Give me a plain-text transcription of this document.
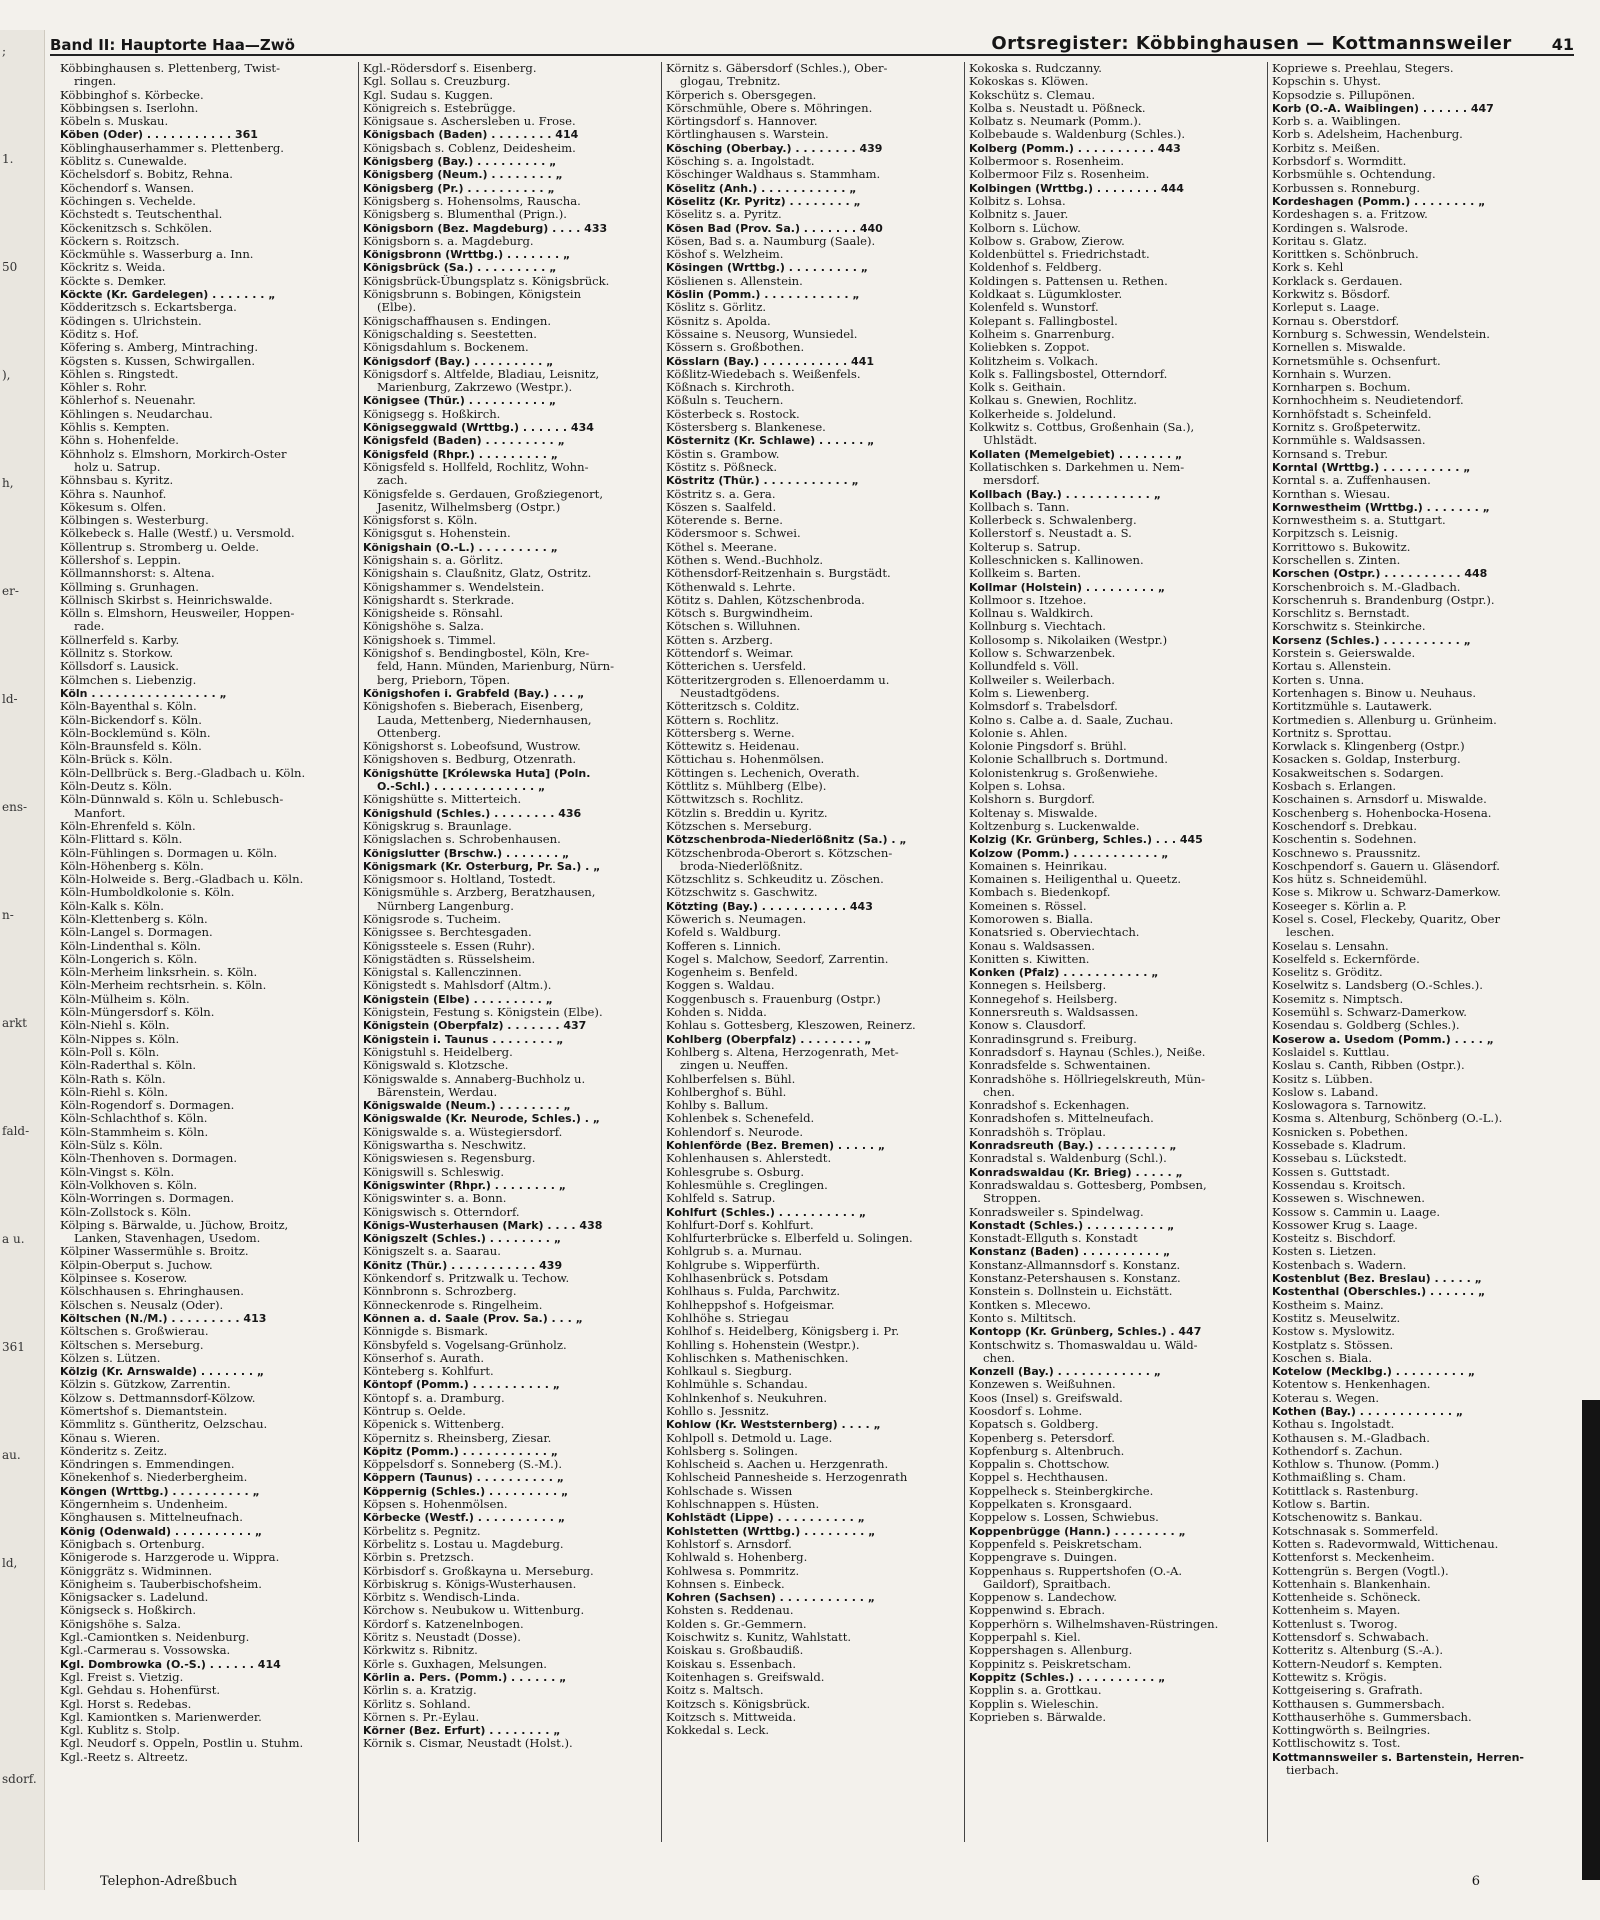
;
1.
50
),
h,
er-
ld-
ens-
n-
arkt
fald-
a u.
361
au.
ld,
sdorf.
Band II: Hauptorte Haa—Zwö	Ortsregister: Köbbinghausen — Kottmannsweiler	41
Köbbinghausen s. Plettenberg, Twist-
ringen.
Köbbinghof s. Körbecke.
Köbbingsen s. Iserlohn.
Köbeln s. Muskau.
Köben (Oder) . . . . . . . . . . . 361
Köblinghauserhammer s. Plettenberg.
Köblitz s. Cunewalde.
Köchelsdorf s. Bobitz, Rehna.
Köchendorf s. Wansen.
Köchingen s. Vechelde.
Köchstedt s. Teutschenthal.
Köckenitzsch s. Schkölen.
Köckern s. Roitzsch.
Köckmühle s. Wasserburg a. Inn.
Köckritz s. Weida.
Köckte s. Demker.
Köckte (Kr. Gardelegen) . . . . . . . „
Ködderitzsch s. Eckartsberga.
Ködingen s. Ulrichstein.
Köditz s. Hof.
Köfering s. Amberg, Mintraching.
Kögsten s. Kussen, Schwirgallen.
Köhlen s. Ringstedt.
Köhler s. Rohr.
Köhlerhof s. Neuenahr.
Köhlingen s. Neudarchau.
Köhlis s. Kempten.
Köhn s. Hohenfelde.
Köhnholz s. Elmshorn, Morkirch-Oster
holz u. Satrup.
Köhnsbau s. Kyritz.
Köhra s. Naunhof.
Kökesum s. Olfen.
Kölbingen s. Westerburg.
Kölkebeck s. Halle (Westf.) u. Versmold.
Köllentrup s. Stromberg u. Oelde.
Köllershof s. Leppin.
Köllmannshorst: s. Altena.
Köllming s. Grunhagen.
Köllnisch Skirbst s. Heinrichswalde.
Kölln s. Elmshorn, Heusweiler, Hoppen-
rade.
Köllnerfeld s. Karby.
Köllnitz s. Storkow.
Köllsdorf s. Lausick.
Kölmchen s. Liebenzig.
Köln . . . . . . . . . . . . . . . . „
Köln-Bayenthal s. Köln.
Köln-Bickendorf s. Köln.
Köln-Bocklemünd s. Köln.
Köln-Braunsfeld s. Köln.
Köln-Brück s. Köln.
Köln-Dellbrück s. Berg.-Gladbach u. Köln.
Köln-Deutz s. Köln.
Köln-Dünnwald s. Köln u. Schlebusch-
Manfort.
Köln-Ehrenfeld s. Köln.
Köln-Flittard s. Köln.
Köln-Fühlingen s. Dormagen u. Köln.
Köln-Höhenberg s. Köln.
Köln-Holweide s. Berg.-Gladbach u. Köln.
Köln-Humboldkolonie s. Köln.
Köln-Kalk s. Köln.
Köln-Klettenberg s. Köln.
Köln-Langel s. Dormagen.
Köln-Lindenthal s. Köln.
Köln-Longerich s. Köln.
Köln-Merheim linksrhein. s. Köln.
Köln-Merheim rechtsrhein. s. Köln.
Köln-Mülheim s. Köln.
Köln-Müngersdorf s. Köln.
Köln-Niehl s. Köln.
Köln-Nippes s. Köln.
Köln-Poll s. Köln.
Köln-Raderthal s. Köln.
Köln-Rath s. Köln.
Köln-Riehl s. Köln.
Köln-Rogendorf s. Dormagen.
Köln-Schlachthof s. Köln.
Köln-Stammheim s. Köln.
Köln-Sülz s. Köln.
Köln-Thenhoven s. Dormagen.
Köln-Vingst s. Köln.
Köln-Volkhoven s. Köln.
Köln-Worringen s. Dormagen.
Köln-Zollstock s. Köln.
Kölping s. Bärwalde, u. Jüchow, Broitz,
Lanken, Stavenhagen, Usedom.
Kölpiner Wassermühle s. Broitz.
Kölpin-Oberput s. Juchow.
Kölpinsee s. Koserow.
Kölschhausen s. Ehringhausen.
Kölschen s. Neusalz (Oder).
Költschen (N./M.) . . . . . . . . . 413
Költschen s. Großwierau.
Költschen s. Merseburg.
Kölzen s. Lützen.
Kölzig (Kr. Arnswalde) . . . . . . . „
Kölzin s. Gützkow, Zarrentin.
Kölzow s. Dettmannsdorf-Kölzow.
Kömertshof s. Diemantstein.
Kömmlitz s. Güntheritz, Oelzschau.
Könau s. Wieren.
Könderitz s. Zeitz.
Köndringen s. Emmendingen.
Könekenhof s. Niederbergheim.
Köngen (Wrttbg.) . . . . . . . . . . „
Köngernheim s. Undenheim.
Könghausen s. Mittelneufnach.
König (Odenwald) . . . . . . . . . . „
Königbach s. Ortenburg.
Königerode s. Harzgerode u. Wippra.
Königgrätz s. Widminnen.
Königheim s. Tauberbischofsheim.
Königsacker s. Ladelund.
Königseck s. Hoßkirch.
Königshöhe s. Salza.
Kgl.-Camiontken s. Neidenburg.
Kgl.-Carmerau s. Vossowska.
Kgl. Dombrowka (O.-S.) . . . . . . 414
Kgl. Freist s. Vietzig.
Kgl. Gehdau s. Hohenfürst.
Kgl. Horst s. Redebas.
Kgl. Kamiontken s. Marienwerder.
Kgl. Kublitz s. Stolp.
Kgl. Neudorf s. Oppeln, Postlin u. Stuhm.
Kgl.-Reetz s. Altreetz.
Kgl.-Rödersdorf s. Eisenberg.
Kgl. Sollau s. Creuzburg.
Kgl. Sudau s. Kuggen.
Königreich s. Estebrügge.
Königsaue s. Aschersleben u. Frose.
Königsbach (Baden) . . . . . . . . 414
Königsbach s. Coblenz, Deidesheim.
Königsberg (Bay.) . . . . . . . . . „
Königsberg (Neum.) . . . . . . . . „
Königsberg (Pr.) . . . . . . . . . . „
Königsberg s. Hohensolms, Rauscha.
Königsberg s. Blumenthal (Prign.).
Königsborn (Bez. Magdeburg) . . . . 433
Königsborn s. a. Magdeburg.
Königsbronn (Wrttbg.) . . . . . . . „
Königsbrück (Sa.) . . . . . . . . . „
Königsbrück-Übungsplatz s. Königsbrück.
Königsbrunn s. Bobingen, Königstein
(Elbe).
Königschaffhausen s. Endingen.
Königschalding s. Seestetten.
Königsdahlum s. Bockenem.
Königsdorf (Bay.) . . . . . . . . . „
Königsdorf s. Altfelde, Bladiau, Leisnitz,
Marienburg, Zakrzewo (Westpr.).
Königsee (Thür.) . . . . . . . . . . „
Königsegg s. Hoßkirch.
Königseggwald (Wrttbg.) . . . . . . 434
Königsfeld (Baden) . . . . . . . . . „
Königsfeld (Rhpr.) . . . . . . . . . „
Königsfeld s. Hollfeld, Rochlitz, Wohn-
zach.
Königsfelde s. Gerdauen, Großziegenort,
Jasenitz, Wilhelmsberg (Ostpr.)
Königsforst s. Köln.
Königsgut s. Hohenstein.
Königshain (O.-L.) . . . . . . . . . „
Königshain s. a. Görlitz.
Königshain s. Claußnitz, Glatz, Ostritz.
Königshammer s. Wendelstein.
Königshardt s. Sterkrade.
Königsheide s. Rönsahl.
Königshöhe s. Salza.
Königshoek s. Timmel.
Königshof s. Bendingbostel, Köln, Kre-
feld, Hann. Münden, Marienburg, Nürn-
berg, Prieborn, Töpen.
Königshofen i. Grabfeld (Bay.) . . . „
Königshofen s. Bieberach, Eisenberg,
Lauda, Mettenberg, Niedernhausen,
Ottenberg.
Königshorst s. Lobeofsund, Wustrow.
Königshoven s. Bedburg, Otzenrath.
Königshütte [Królewska Huta] (Poln.
O.-Schl.) . . . . . . . . . . . . . „
Königshütte s. Mitterteich.
Königshuld (Schles.) . . . . . . . . 436
Königskrug s. Braunlage.
Königslachen s. Schrobenhausen.
Königslutter (Brschw.) . . . . . . . „
Königsmark (Kr. Osterburg, Pr. Sa.) . „
Königsmoor s. Holtland, Tostedt.
Königsmühle s. Arzberg, Beratzhausen,
Nürnberg Langenburg.
Königsrode s. Tucheim.
Königssee s. Berchtesgaden.
Königssteele s. Essen (Ruhr).
Königstädten s. Rüsselsheim.
Königstal s. Kallenczinnen.
Königstedt s. Mahlsdorf (Altm.).
Königstein (Elbe) . . . . . . . . . „
Königstein, Festung s. Königstein (Elbe).
Königstein (Oberpfalz) . . . . . . . 437
Königstein i. Taunus . . . . . . . . „
Königstuhl s. Heidelberg.
Königswald s. Klotzsche.
Königswalde s. Annaberg-Buchholz u.
Bärenstein, Werdau.
Königswalde (Neum.) . . . . . . . . „
Königswalde (Kr. Neurode, Schles.) . „
Königswalde s. a. Wüstegiersdorf.
Königswartha s. Neschwitz.
Königswiesen s. Regensburg.
Königswill s. Schleswig.
Königswinter (Rhpr.) . . . . . . . . „
Königswinter s. a. Bonn.
Königswisch s. Otterndorf.
Königs-Wusterhausen (Mark) . . . . 438
Königszelt (Schles.) . . . . . . . . „
Königszelt s. a. Saarau.
Könitz (Thür.) . . . . . . . . . . . 439
Könkendorf s. Pritzwalk u. Techow.
Könnbronn s. Schrozberg.
Könneckenrode s. Ringelheim.
Können a. d. Saale (Prov. Sa.) . . . „
Könnigde s. Bismark.
Könsbyfeld s. Vogelsang-Grünholz.
Könserhof s. Aurath.
Könteberg s. Kohlfurt.
Köntopf (Pomm.) . . . . . . . . . . „
Köntopf s. a. Dramburg.
Köntrup s. Oelde.
Köpenick s. Wittenberg.
Köpernitz s. Rheinsberg, Ziesar.
Köpitz (Pomm.) . . . . . . . . . . . „
Köppelsdorf s. Sonneberg (S.-M.).
Köppern (Taunus) . . . . . . . . . . „
Köppernig (Schles.) . . . . . . . . . „
Köpsen s. Hohenmölsen.
Körbecke (Westf.) . . . . . . . . . . „
Körbelitz s. Pegnitz.
Körbelitz s. Lostau u. Magdeburg.
Körbin s. Pretzsch.
Körbisdorf s. Großkayna u. Merseburg.
Körbiskrug s. Königs-Wusterhausen.
Körbitz s. Wendisch-Linda.
Körchow s. Neubukow u. Wittenburg.
Kördorf s. Katzenelnbogen.
Köritz s. Neustadt (Dosse).
Körkwitz s. Ribnitz.
Körle s. Guxhagen, Melsungen.
Körlin a. Pers. (Pomm.) . . . . . . „
Körlin s. a. Kratzig.
Körlitz s. Sohland.
Körnen s. Pr.-Eylau.
Körner (Bez. Erfurt) . . . . . . . . „
Körnik s. Cismar, Neustadt (Holst.).
Körnitz s. Gäbersdorf (Schles.), Ober-
glogau, Trebnitz.
Körperich s. Obersgegen.
Körschmühle, Obere s. Möhringen.
Körtingsdorf s. Hannover.
Körtlinghausen s. Warstein.
Kösching (Oberbay.) . . . . . . . . 439
Kösching s. a. Ingolstadt.
Köschinger Waldhaus s. Stammham.
Köselitz (Anh.) . . . . . . . . . . . „
Köselitz (Kr. Pyritz) . . . . . . . . „
Köselitz s. a. Pyritz.
Kösen Bad (Prov. Sa.) . . . . . . . 440
Kösen, Bad s. a. Naumburg (Saale).
Köshof s. Welzheim.
Kösingen (Wrttbg.) . . . . . . . . . „
Köslienen s. Allenstein.
Köslin (Pomm.) . . . . . . . . . . . „
Köslitz s. Görlitz.
Kösnitz s. Apolda.
Kössaine s. Neusorg, Wunsiedel.
Kössern s. Großbothen.
Kösslarn (Bay.) . . . . . . . . . . . 441
Kößlitz-Wiedebach s. Weißenfels.
Kößnach s. Kirchroth.
Kößuln s. Teuchern.
Kösterbeck s. Rostock.
Köstersberg s. Blankenese.
Kösternitz (Kr. Schlawe) . . . . . . „
Köstin s. Grambow.
Köstitz s. Pößneck.
Köstritz (Thür.) . . . . . . . . . . . „
Köstritz s. a. Gera.
Köszen s. Saalfeld.
Köterende s. Berne.
Ködersmoor s. Schwei.
Köthel s. Meerane.
Köthen s. Wend.-Buchholz.
Köthensdorf-Reitzenhain s. Burgstädt.
Köthenwald s. Lehrte.
Kötitz s. Dahlen, Kötzschenbroda.
Kötsch s. Burgwindheim.
Kötschen s. Willuhnen.
Kötten s. Arzberg.
Köttendorf s. Weimar.
Kötterichen s. Uersfeld.
Kötteritzergroden s. Ellenoerdamm u.
Neustadtgödens.
Kötteritzsch s. Colditz.
Köttern s. Rochlitz.
Köttersberg s. Werne.
Köttewitz s. Heidenau.
Köttichau s. Hohenmölsen.
Köttingen s. Lechenich, Overath.
Köttlitz s. Mühlberg (Elbe).
Köttwitzsch s. Rochlitz.
Kötzlin s. Breddin u. Kyritz.
Kötzschen s. Merseburg.
Kötzschenbroda-Niederlößnitz (Sa.) . „
Kötzschenbroda-Oberort s. Kötzschen-
broda-Niederlößnitz.
Kötzschlitz s. Schkeuditz u. Zöschen.
Kötzschwitz s. Gaschwitz.
Kötzting (Bay.) . . . . . . . . . . . 443
Köwerich s. Neumagen.
Kofeld s. Waldburg.
Kofferen s. Linnich.
Kogel s. Malchow, Seedorf, Zarrentin.
Kogenheim s. Benfeld.
Koggen s. Waldau.
Koggenbusch s. Frauenburg (Ostpr.)
Kohden s. Nidda.
Kohlau s. Gottesberg, Kleszowen, Reinerz.
Kohlberg (Oberpfalz) . . . . . . . . „
Kohlberg s. Altena, Herzogenrath, Met-
zingen u. Neuffen.
Kohlberfelsen s. Bühl.
Kohlberghof s. Bühl.
Kohlby s. Ballum.
Kohlenbek s. Schenefeld.
Kohlendorf s. Neurode.
Kohlenförde (Bez. Bremen) . . . . . „
Kohlenhausen s. Ahlerstedt.
Kohlesgrube s. Osburg.
Kohlesmühle s. Creglingen.
Kohlfeld s. Satrup.
Kohlfurt (Schles.) . . . . . . . . . . „
Kohlfurt-Dorf s. Kohlfurt.
Kohlfurterbrücke s. Elberfeld u. Solingen.
Kohlgrub s. a. Murnau.
Kohlgrube s. Wipperfürth.
Kohlhasenbrück s. Potsdam
Kohlhaus s. Fulda, Parchwitz.
Kohlheppshof s. Hofgeismar.
Kohlhöhe s. Striegau
Kohlhof s. Heidelberg, Königsberg i. Pr.
Kohlling s. Hohenstein (Westpr.).
Kohlischken s. Mathenischken.
Kohlkaul s. Siegburg.
Kohlmühle s. Schandau.
Kohlnkenhof s. Neukuhren.
Kohllo s. Jessnitz.
Kohlow (Kr. Weststernberg) . . . . „
Kohlpoll s. Detmold u. Lage.
Kohlsberg s. Solingen.
Kohlscheid s. Aachen u. Herzgenrath.
Kohlscheid Pannesheide s. Herzogenrath
Kohlschade s. Wissen
Kohlschnappen s. Hüsten.
Kohlstädt (Lippe) . . . . . . . . . . „
Kohlstetten (Wrttbg.) . . . . . . . . „
Kohlstorf s. Arnsdorf.
Kohlwald s. Hohenberg.
Kohlwesa s. Pommritz.
Kohnsen s. Einbeck.
Kohren (Sachsen) . . . . . . . . . . . „
Kohsten s. Reddenau.
Kolden s. Gr.-Gemmern.
Koischwitz s. Kunitz, Wahlstatt.
Koiskau s. Großbaudiß.
Koiskau s. Essenbach.
Koitenhagen s. Greifswald.
Koitz s. Maltsch.
Koitzsch s. Königsbrück.
Koitzsch s. Mittweida.
Kokkedal s. Leck.
Kokoska s. Rudczanny.
Kokoskas s. Klöwen.
Kokschütz s. Clemau.
Kolba s. Neustadt u. Pößneck.
Kolbatz s. Neumark (Pomm.).
Kolbebaude s. Waldenburg (Schles.).
Kolberg (Pomm.) . . . . . . . . . . 443
Kolbermoor s. Rosenheim.
Kolbermoor Filz s. Rosenheim.
Kolbingen (Wrttbg.) . . . . . . . . 444
Kolbitz s. Lohsa.
Kolbnitz s. Jauer.
Kolborn s. Lüchow.
Kolbow s. Grabow, Zierow.
Koldenbüttel s. Friedrichstadt.
Koldenhof s. Feldberg.
Koldingen s. Pattensen u. Rethen.
Koldkaat s. Lügumkloster.
Kolenfeld s. Wunstorf.
Kolepant s. Fallingbostel.
Kolheim s. Gnarrenburg.
Koliebken s. Zoppot.
Kolitzheim s. Volkach.
Kolk s. Fallingsbostel, Otterndorf.
Kolk s. Geithain.
Kolkau s. Gnewien, Rochlitz.
Kolkerheide s. Joldelund.
Kolkwitz s. Cottbus, Großenhain (Sa.),
Uhlstädt.
Kollaten (Memelgebiet) . . . . . . . „
Kollatischken s. Darkehmen u. Nem-
mersdorf.
Kollbach (Bay.) . . . . . . . . . . . „
Kollbach s. Tann.
Kollerbeck s. Schwalenberg.
Kollerstorf s. Neustadt a. S.
Kolterup s. Satrup.
Kolleschnicken s. Kallinowen.
Kollkeim s. Barten.
Kollmar (Holstein) . . . . . . . . . „
Kollmoor s. Itzehoe.
Kollnau s. Waldkirch.
Kollnburg s. Viechtach.
Kollosomp s. Nikolaiken (Westpr.)
Kollow s. Schwarzenbek.
Kollundfeld s. Völl.
Kollweiler s. Weilerbach.
Kolm s. Liewenberg.
Kolmsdorf s. Trabelsdorf.
Kolno s. Calbe a. d. Saale, Zuchau.
Kolonie s. Ahlen.
Kolonie Pingsdorf s. Brühl.
Kolonie Schallbruch s. Dortmund.
Kolonistenkrug s. Großenwiehe.
Kolpen s. Lohsa.
Kolshorn s. Burgdorf.
Koltenay s. Miswalde.
Koltzenburg s. Luckenwalde.
Kolzig (Kr. Grünberg, Schles.) . . . 445
Kolzow (Pomm.) . . . . . . . . . . . „
Komainen s. Heinrikau.
Komainen s. Heiligenthal u. Queetz.
Kombach s. Biedenkopf.
Komeinen s. Rössel.
Komorowen s. Bialla.
Konatsried s. Oberviechtach.
Konau s. Waldsassen.
Konitten s. Kiwitten.
Konken (Pfalz) . . . . . . . . . . . „
Konnegen s. Heilsberg.
Konnegehof s. Heilsberg.
Konnersreuth s. Waldsassen.
Konow s. Clausdorf.
Konradinsgrund s. Freiburg.
Konradsdorf s. Haynau (Schles.), Neiße.
Konradsfelde s. Schwentainen.
Konradshöhe s. Höllriegelskreuth, Mün-
chen.
Konradshof s. Eckenhagen.
Konradshofen s. Mittelneufach.
Konradshöh s. Tröplau.
Konradsreuth (Bay.) . . . . . . . . . „
Konradstal s. Waldenburg (Schl.).
Konradswaldau (Kr. Brieg) . . . . . „
Konradswaldau s. Gottesberg, Pombsen,
Stroppen.
Konradsweiler s. Spindelwag.
Konstadt (Schles.) . . . . . . . . . . „
Konstadt-Ellguth s. Konstadt
Konstanz (Baden) . . . . . . . . . . „
Konstanz-Allmannsdorf s. Konstanz.
Konstanz-Petershausen s. Konstanz.
Konstein s. Dollnstein u. Eichstätt.
Kontken s. Mlecewo.
Konto s. Miltitsch.
Kontopp (Kr. Grünberg, Schles.) . 447
Kontschwitz s. Thomaswaldau u. Wäld-
chen.
Konzell (Bay.) . . . . . . . . . . . . „
Konzewen s. Weißuhnen.
Koos (Insel) s. Greifswald.
Koosdorf s. Lohme.
Kopatsch s. Goldberg.
Kopenberg s. Petersdorf.
Kopfenburg s. Altenbruch.
Koppalin s. Chottschow.
Koppel s. Hechthausen.
Koppelheck s. Steinbergkirche.
Koppelkaten s. Kronsgaard.
Koppelow s. Lossen, Schwiebus.
Koppenbrügge (Hann.) . . . . . . . . „
Koppenfeld s. Peiskretscham.
Koppengrave s. Duingen.
Koppenhaus s. Ruppertshofen (O.-A.
Gaildorf), Spraitbach.
Koppenow s. Landechow.
Koppenwind s. Ebrach.
Kopperhörn s. Wilhelmshaven-Rüstringen.
Kopperpahl s. Kiel.
Koppershagen s. Allenburg.
Koppinitz s. Peiskretscham.
Koppitz (Schles.) . . . . . . . . . . „
Kopplin s. a. Grottkau.
Kopplin s. Wieleschin.
Koprieben s. Bärwalde.
Kopriewe s. Preehlau, Stegers.
Kopschin s. Uhyst.
Kopsodzie s. Pillupönen.
Korb (O.-A. Waiblingen) . . . . . . 447
Korb s. a. Waiblingen.
Korb s. Adelsheim, Hachenburg.
Korbitz s. Meißen.
Korbsdorf s. Wormditt.
Korbsmühle s. Ochtendung.
Korbussen s. Ronneburg.
Kordeshagen (Pomm.) . . . . . . . . „
Kordeshagen s. a. Fritzow.
Kordingen s. Walsrode.
Koritau s. Glatz.
Korittken s. Schönbruch.
Kork s. Kehl
Korklack s. Gerdauen.
Korkwitz s. Bösdorf.
Korleput s. Laage.
Kornau s. Oberstdorf.
Kornburg s. Schwessin, Wendelstein.
Kornellen s. Miswalde.
Kornetsmühle s. Ochsenfurt.
Kornhain s. Wurzen.
Kornharpen s. Bochum.
Kornhochheim s. Neudietendorf.
Kornhöfstadt s. Scheinfeld.
Kornitz s. Großpeterwitz.
Kornmühle s. Waldsassen.
Kornsand s. Trebur.
Korntal (Wrttbg.) . . . . . . . . . . „
Korntal s. a. Zuffenhausen.
Kornthan s. Wiesau.
Kornwestheim (Wrttbg.) . . . . . . . „
Kornwestheim s. a. Stuttgart.
Korpitzsch s. Leisnig.
Korrittowo s. Bukowitz.
Korschellen s. Zinten.
Korschen (Ostpr.) . . . . . . . . . . 448
Korschenbroich s. M.-Gladbach.
Korschenruh s. Brandenburg (Ostpr.).
Korschlitz s. Bernstadt.
Korschwitz s. Steinkirche.
Korsenz (Schles.) . . . . . . . . . . „
Korstein s. Geierswalde.
Kortau s. Allenstein.
Korten s. Unna.
Kortenhagen s. Binow u. Neuhaus.
Kortitzmühle s. Lautawerk.
Kortmedien s. Allenburg u. Grünheim.
Kortnitz s. Sprottau.
Korwlack s. Klingenberg (Ostpr.)
Kosacken s. Goldap, Insterburg.
Kosakweitschen s. Sodargen.
Kosbach s. Erlangen.
Koschainen s. Arnsdorf u. Miswalde.
Koschenberg s. Hohenbocka-Hosena.
Koschendorf s. Drebkau.
Koschentin s. Sodehnen.
Koschnewo s. Praussnitz.
Koschpendorf s. Gauern u. Gläsendorf.
Kos hütz s. Schneidemühl.
Kose s. Mikrow u. Schwarz-Damerkow.
Koseeger s. Körlin a. P.
Kosel s. Cosel, Fleckeby, Quaritz, Ober
leschen.
Koselau s. Lensahn.
Koselfeld s. Eckernförde.
Koselitz s. Gröditz.
Koselwitz s. Landsberg (O.-Schles.).
Kosemitz s. Nimptsch.
Kosemühl s. Schwarz-Damerkow.
Kosendau s. Goldberg (Schles.).
Koserow a. Usedom (Pomm.) . . . . „
Koslaidel s. Kuttlau.
Koslau s. Canth, Ribben (Ostpr.).
Kositz s. Lübben.
Koslow s. Laband.
Koslowagora s. Tarnowitz.
Kosma s. Altenburg, Schönberg (O.-L.).
Kosnicken s. Pobethen.
Kossebade s. Kladrum.
Kossebau s. Lückstedt.
Kossen s. Guttstadt.
Kossendau s. Kroitsch.
Kossewen s. Wischnewen.
Kossow s. Cammin u. Laage.
Kossower Krug s. Laage.
Kosteitz s. Bischdorf.
Kosten s. Lietzen.
Kostenbach s. Wadern.
Kostenblut (Bez. Breslau) . . . . . „
Kostenthal (Oberschles.) . . . . . . „
Kostheim s. Mainz.
Kostitz s. Meuselwitz.
Kostow s. Myslowitz.
Kostplatz s. Stössen.
Koschen s. Biala.
Kotelow (Mecklbg.) . . . . . . . . . „
Kotentow s. Henkenhagen.
Koterau s. Wegen.
Kothen (Bay.) . . . . . . . . . . . . „
Kothau s. Ingolstadt.
Kothausen s. M.-Gladbach.
Kothendorf s. Zachun.
Kothlow s. Thunow. (Pomm.)
Kothmaißling s. Cham.
Kotittlack s. Rastenburg.
Kotlow s. Bartin.
Kotschenowitz s. Bankau.
Kotschnasak s. Sommerfeld.
Kotten s. Radevormwald, Wittichenau.
Kottenforst s. Meckenheim.
Kottengrün s. Bergen (Vogtl.).
Kottenhain s. Blankenhain.
Kottenheide s. Schöneck.
Kottenheim s. Mayen.
Kottenlust s. Tworog.
Kottensdorf s. Schwabach.
Kotteritz s. Altenburg (S.-A.).
Kottern-Neudorf s. Kempten.
Kottewitz s. Krögis.
Kottgeisering s. Grafrath.
Kotthausen s. Gummersbach.
Kotthauserhöhe s. Gummersbach.
Kottingwörth s. Beilngries.
Kottlischowitz s. Tost.
Kottmannsweiler s. Bartenstein, Herren-
tierbach.
Telephon-Adreßbuch	6
